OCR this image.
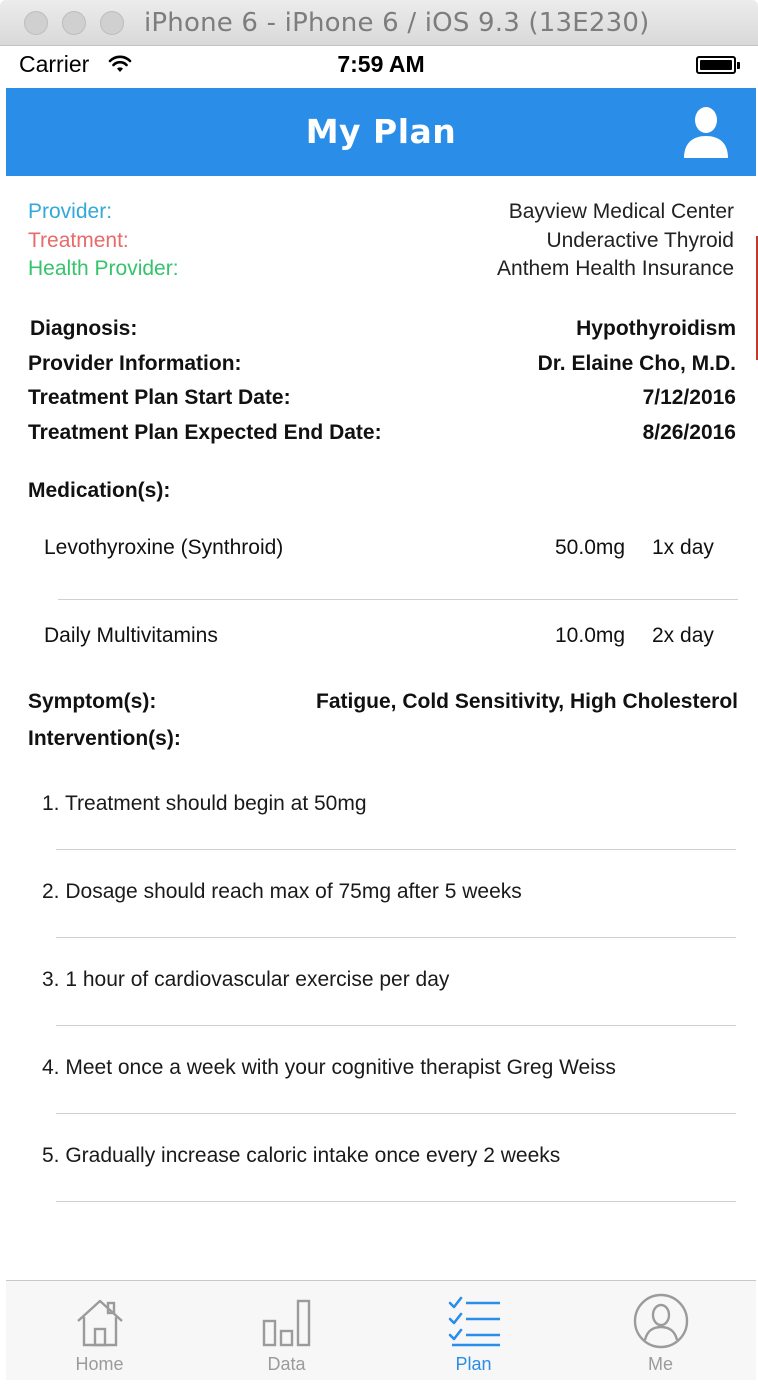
iPhone 6 - iPhone 6 / iOS 9.3 (13E230)
Carrier	7:59 AM
My Plan
Provider:	Bayview Medical Center
Treatment:	Underactive Thyroid
Health Provider:	Anthem Health Insurance
Diagnosis:	Hypothyroidism
Provider Information:	Dr. Elaine Cho, M.D.
Treatment Plan Start Date:	7/12/2016
Treatment Plan Expected End Date:	8/26/2016
Medication(s):
Levothyroxine (Synthroid)	50.0mg 1x day
Daily Multivitamins	10.0mg 2x day
Symptom(s):	Fatigue, Cold Sensitivity, High Cholesterol
Intervention(s):
1. Treatment should begin at 50mg
2. Dosage should reach max of 75mg after 5 weeks
3. 1 hour of cardiovascular exercise per day
4. Meet once a week with your cognitive therapist Greg Weiss
5. Gradually increase caloric intake once every 2 weeks
Home	Data	Plan	Me
